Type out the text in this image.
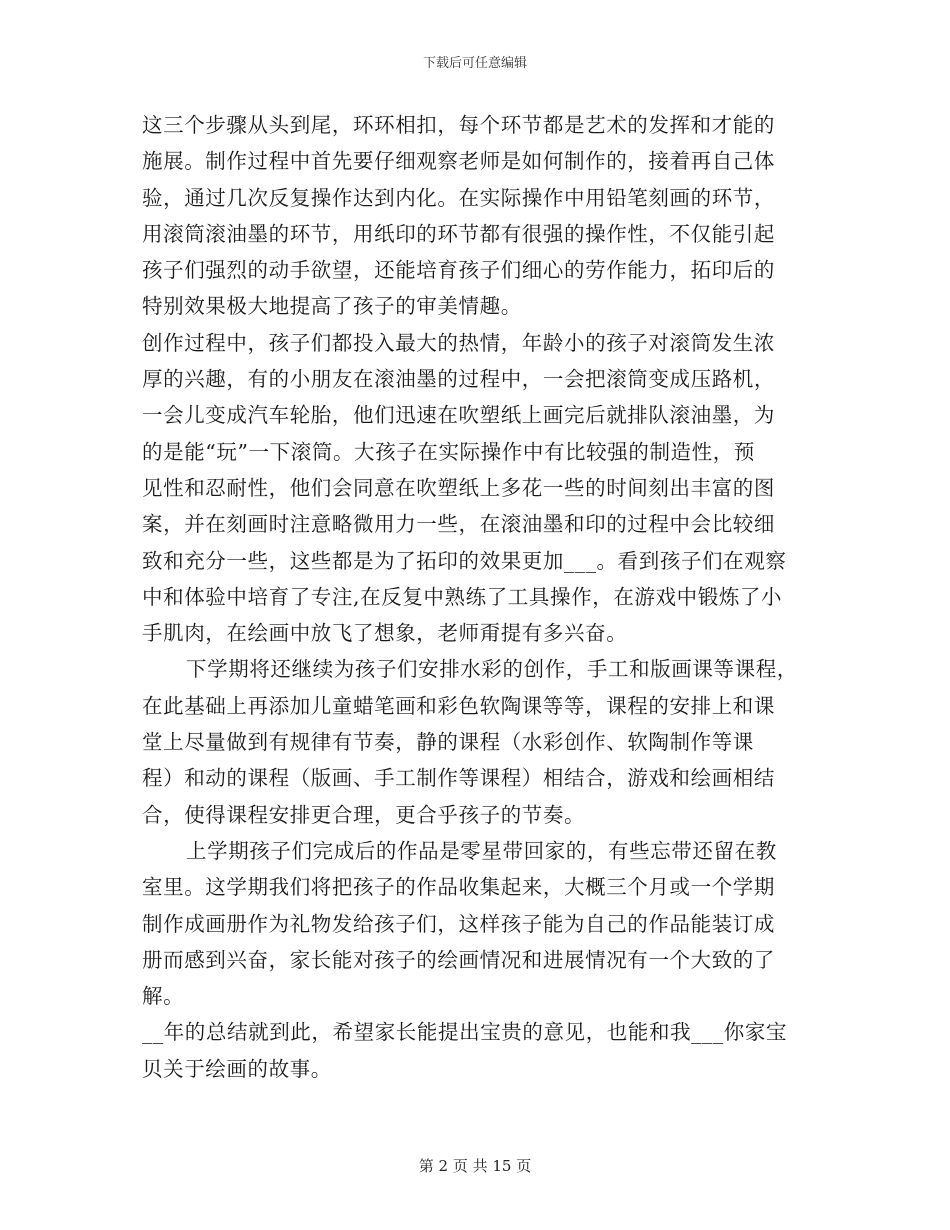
下载后可任意编辑
这三个步骤从头到尾，环环相扣，每个环节都是艺术的发挥和才能的
施展。制作过程中首先要仔细观察老师是如何制作的，接着再自己体
验，通过几次反复操作达到内化。在实际操作中用铅笔刻画的环节，
用滚筒滚油墨的环节，用纸印的环节都有很强的操作性，不仅能引起
孩子们强烈的动手欲望，还能培育孩子们细心的劳作能力，拓印后的
特别效果极大地提高了孩子的审美情趣。
创作过程中，孩子们都投入最大的热情，年龄小的孩子对滚筒发生浓
厚的兴趣，有的小朋友在滚油墨的过程中，一会把滚筒变成压路机，
一会儿变成汽车轮胎，他们迅速在吹塑纸上画完后就排队滚油墨，为
的是能“玩”一下滚筒。大孩子在实际操作中有比较强的制造性，预
见性和忍耐性，他们会同意在吹塑纸上多花一些的时间刻出丰富的图
案，并在刻画时注意略微用力一些，在滚油墨和印的过程中会比较细
致和充分一些，这些都是为了拓印的效果更加___。看到孩子们在观察
中和体验中培育了专注,在反复中熟练了工具操作，在游戏中锻炼了小
手肌肉，在绘画中放飞了想象，老师甭提有多兴奋。
下学期将还继续为孩子们安排水彩的创作，手工和版画课等课程，
在此基础上再添加儿童蜡笔画和彩色软陶课等等，课程的安排上和课
堂上尽量做到有规律有节奏，静的课程（水彩创作、软陶制作等课
程）和动的课程（版画、手工制作等课程）相结合，游戏和绘画相结
合，使得课程安排更合理，更合乎孩子的节奏。
上学期孩子们完成后的作品是零星带回家的，有些忘带还留在教
室里。这学期我们将把孩子的作品收集起来，大概三个月或一个学期
制作成画册作为礼物发给孩子们，这样孩子能为自己的作品能装订成
册而感到兴奋，家长能对孩子的绘画情况和进展情况有一个大致的了
解。
__年的总结就到此，希望家长能提出宝贵的意见，也能和我___你家宝
贝关于绘画的故事。
第 2 页 共 15 页
